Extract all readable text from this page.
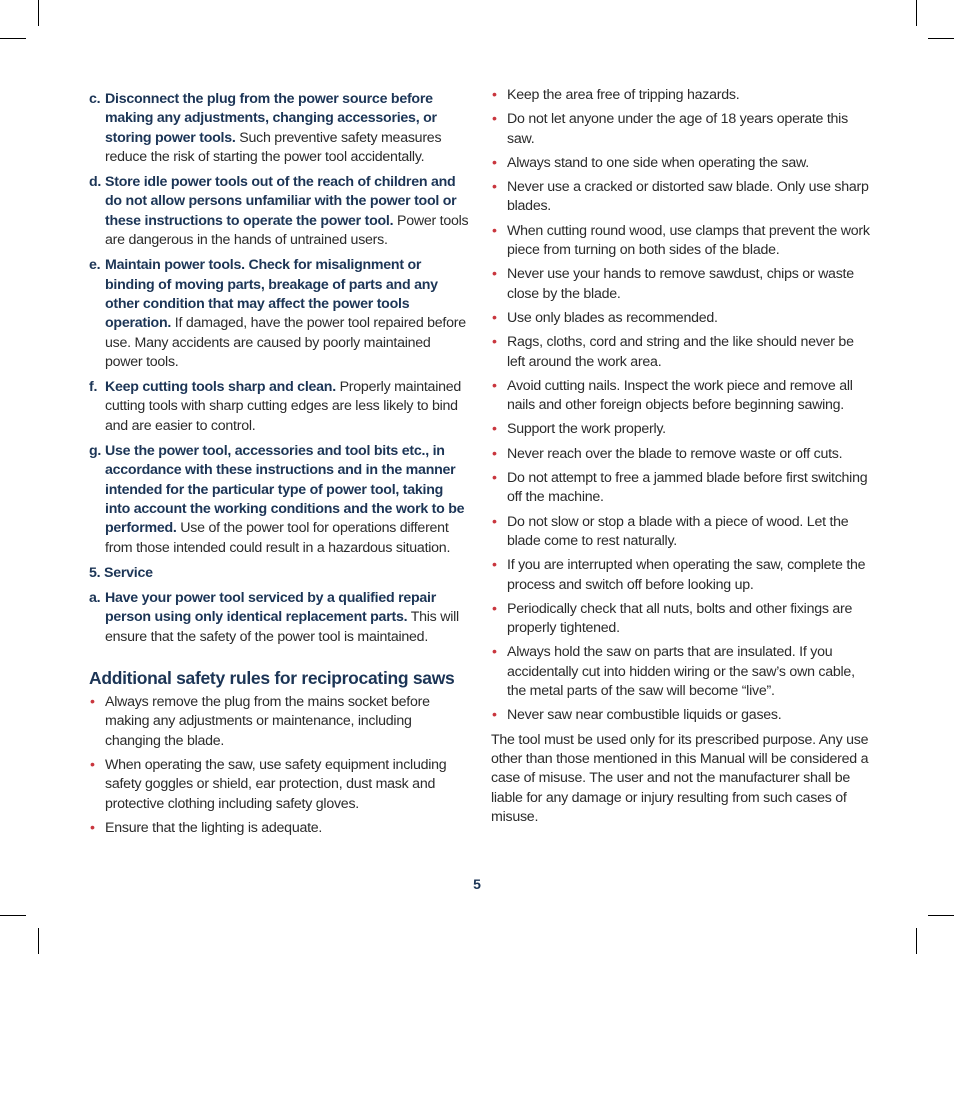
c. Disconnect the plug from the power source before making any adjustments, changing accessories, or storing power tools. Such preventive safety measures reduce the risk of starting the power tool accidentally.
d. Store idle power tools out of the reach of children and do not allow persons unfamiliar with the power tool or these instructions to operate the power tool. Power tools are dangerous in the hands of untrained users.
e. Maintain power tools. Check for misalignment or binding of moving parts, breakage of parts and any other condition that may affect the power tools operation. If damaged, have the power tool repaired before use. Many accidents are caused by poorly maintained power tools.
f. Keep cutting tools sharp and clean. Properly maintained cutting tools with sharp cutting edges are less likely to bind and are easier to control.
g. Use the power tool, accessories and tool bits etc., in accordance with these instructions and in the manner intended for the particular type of power tool, taking into account the working conditions and the work to be performed. Use of the power tool for operations different from those intended could result in a hazardous situation.
5. Service
a. Have your power tool serviced by a qualified repair person using only identical replacement parts. This will ensure that the safety of the power tool is maintained.
Additional safety rules for reciprocating saws
• Always remove the plug from the mains socket before making any adjustments or maintenance, including changing the blade.
• When operating the saw, use safety equipment including safety goggles or shield, ear protection, dust mask and protective clothing including safety gloves.
• Ensure that the lighting is adequate.
• Keep the area free of tripping hazards.
• Do not let anyone under the age of 18 years operate this saw.
• Always stand to one side when operating the saw.
• Never use a cracked or distorted saw blade. Only use sharp blades.
• When cutting round wood, use clamps that prevent the work piece from turning on both sides of the blade.
• Never use your hands to remove sawdust, chips or waste close by the blade.
• Use only blades as recommended.
• Rags, cloths, cord and string and the like should never be left around the work area.
• Avoid cutting nails. Inspect the work piece and remove all nails and other foreign objects before beginning sawing.
• Support the work properly.
• Never reach over the blade to remove waste or off cuts.
• Do not attempt to free a jammed blade before first switching off the machine.
• Do not slow or stop a blade with a piece of wood. Let the blade come to rest naturally.
• If you are interrupted when operating the saw, complete the process and switch off before looking up.
• Periodically check that all nuts, bolts and other fixings are properly tightened.
• Always hold the saw on parts that are insulated. If you accidentally cut into hidden wiring or the saw’s own cable, the metal parts of the saw will become “live”.
• Never saw near combustible liquids or gases.
The tool must be used only for its prescribed purpose. Any use other than those mentioned in this Manual will be considered a case of misuse. The user and not the manufacturer shall be liable for any damage or injury resulting from such cases of misuse.
5
